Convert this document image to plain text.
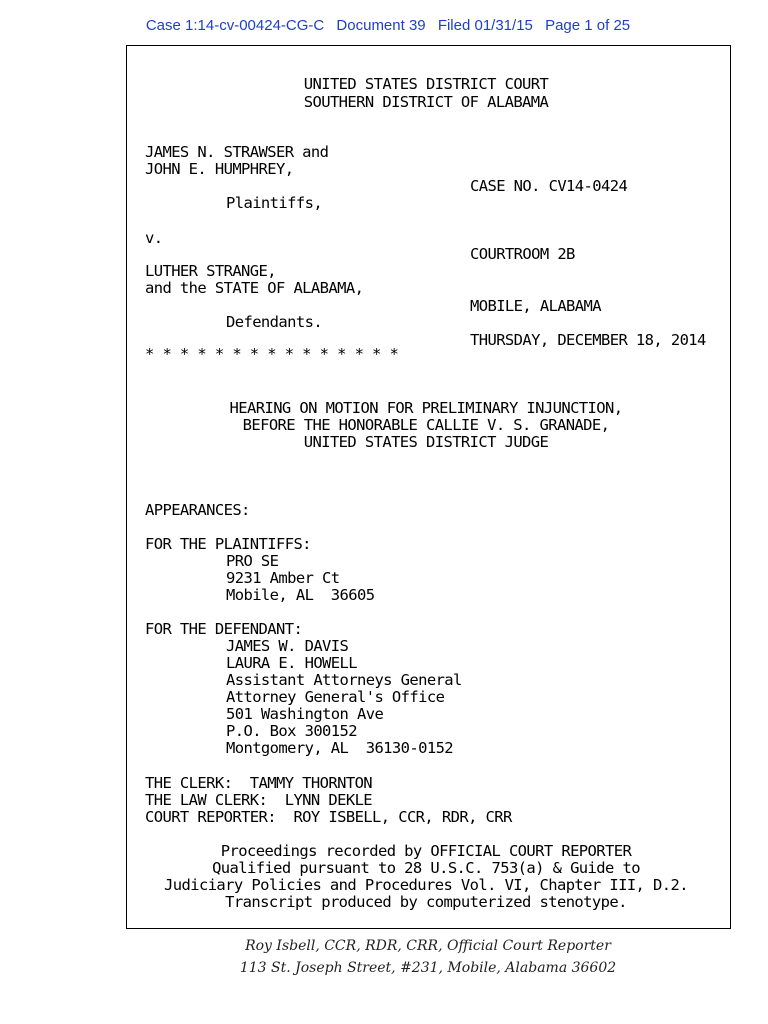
Case 1:14-cv-00424-CG-C Document 39 Filed 01/31/15 Page 1 of 25
UNITED STATES DISTRICT COURT
SOUTHERN DISTRICT OF ALABAMA
JAMES N. STRAWSER and
JOHN E. HUMPHREY,
Plaintiffs,
v.
LUTHER STRANGE,
and the STATE OF ALABAMA,
Defendants.
* * * * * * * * * * * * * * *
CASE NO. CV14-0424
COURTROOM 2B
MOBILE, ALABAMA
THURSDAY, DECEMBER 18, 2014
HEARING ON MOTION FOR PRELIMINARY INJUNCTION,
BEFORE THE HONORABLE CALLIE V. S. GRANADE,
UNITED STATES DISTRICT JUDGE
APPEARANCES:
FOR THE PLAINTIFFS:
PRO SE
9231 Amber Ct
Mobile, AL  36605
FOR THE DEFENDANT:
JAMES W. DAVIS
LAURA E. HOWELL
Assistant Attorneys General
Attorney General's Office
501 Washington Ave
P.O. Box 300152
Montgomery, AL  36130-0152
THE CLERK:  TAMMY THORNTON
THE LAW CLERK:  LYNN DEKLE
COURT REPORTER:  ROY ISBELL, CCR, RDR, CRR
Proceedings recorded by OFFICIAL COURT REPORTER
Qualified pursuant to 28 U.S.C. 753(a) & Guide to
Judiciary Policies and Procedures Vol. VI, Chapter III, D.2.
Transcript produced by computerized stenotype.
Roy Isbell, CCR, RDR, CRR, Official Court Reporter
113 St. Joseph Street, #231, Mobile, Alabama 36602
